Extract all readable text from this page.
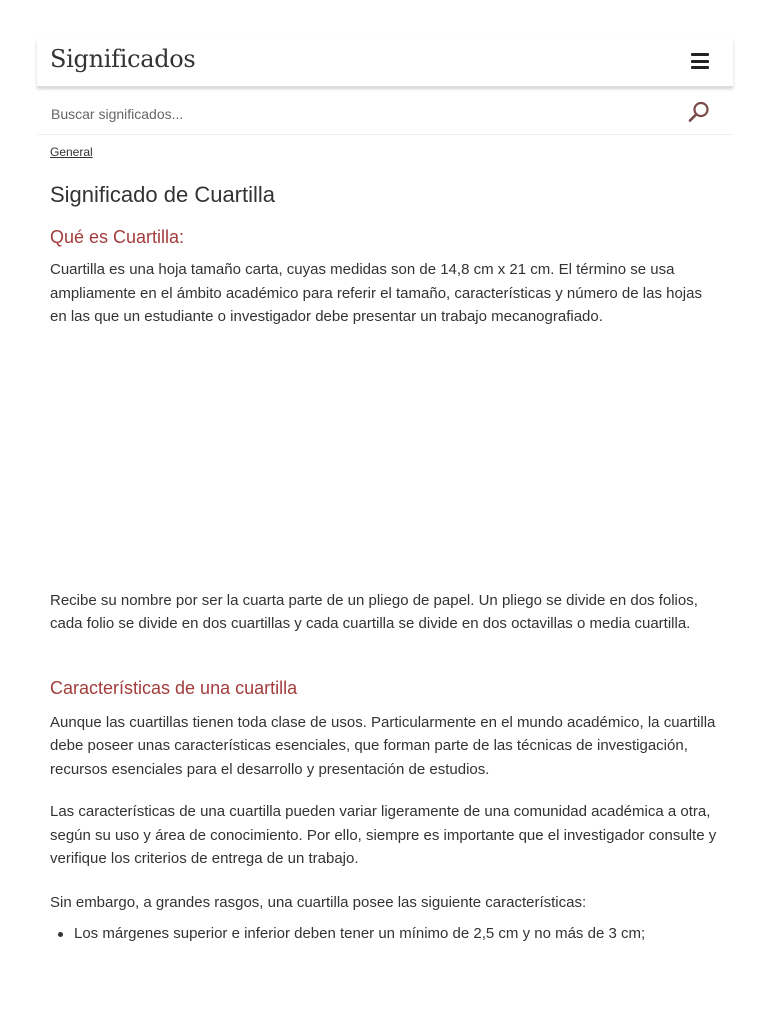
Significados
Buscar significados...
General
Significado de Cuartilla
Qué es Cuartilla:

Cuartilla es una hoja tamaño carta, cuyas medidas son de 14,8 cm x 21 cm. El término se usa ampliamente en el ámbito académico para referir el tamaño, características y número de las hojas en las que un estudiante o investigador debe presentar un trabajo mecanografiado.

Recibe su nombre por ser la cuarta parte de un pliego de papel. Un pliego se divide en dos folios, cada folio se divide en dos cuartillas y cada cuartilla se divide en dos octavillas o media cuartilla.

Características de una cuartilla

Aunque las cuartillas tienen toda clase de usos. Particularmente en el mundo académico, la cuartilla debe poseer unas características esenciales, que forman parte de las técnicas de investigación, recursos esenciales para el desarrollo y presentación de estudios.

Las características de una cuartilla pueden variar ligeramente de una comunidad académica a otra, según su uso y área de conocimiento. Por ello, siempre es importante que el investigador consulte y verifique los criterios de entrega de un trabajo.

Sin embargo, a grandes rasgos, una cuartilla posee las siguiente características:

Los márgenes superior e inferior deben tener un mínimo de 2,5 cm y no más de 3 cm;
